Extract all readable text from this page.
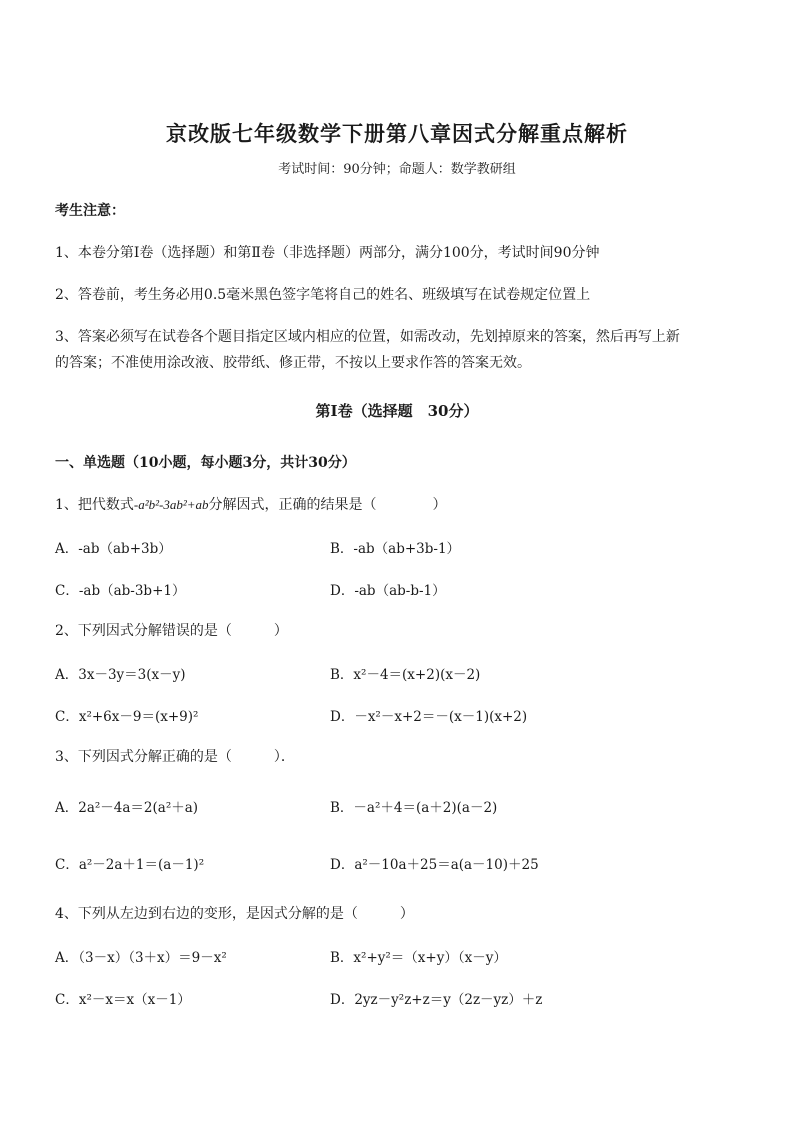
京改版七年级数学下册第八章因式分解重点解析
考试时间：90分钟；命题人：数学教研组
考生注意：
1、本卷分第Ⅰ卷（选择题）和第Ⅱ卷（非选择题）两部分，满分100分，考试时间90分钟
2、答卷前，考生务必用0.5毫米黑色签字笔将自己的姓名、班级填写在试卷规定位置上
3、答案必须写在试卷各个题目指定区域内相应的位置，如需改动，先划掉原来的答案，然后再写上新
的答案；不准使用涂改液、胶带纸、修正带，不按以上要求作答的答案无效。
第Ⅰ卷（选择题　30分）
一、单选题（10小题，每小题3分，共计30分）
1、把代数式-a²b²-3ab²+ab分解因式，正确的结果是（　　　　）
A．-ab（ab+3b）	B．-ab（ab+3b-1）
C．-ab（ab-3b+1）	D．-ab（ab-b-1）
2、下列因式分解错误的是（　　　）
A．3x－3y＝3(x－y)	B．x²－4＝(x+2)(x－2)
C．x²+6x－9＝(x+9)²	D．－x²－x+2＝－(x－1)(x+2)
3、下列因式分解正确的是（　　　）．
A．2a²－4a＝2(a²＋a)	B．－a²＋4＝(a＋2)(a－2)
C．a²－2a＋1＝(a－1)²	D．a²－10a＋25＝a(a－10)＋25
4、下列从左边到右边的变形，是因式分解的是（　　　）
A．（3－x）（3＋x）＝9－x²	B．x²+y²＝（x+y）（x－y）
C．x²－x＝x（x－1）	D．2yz－y²z+z＝y（2z－yz）＋z
